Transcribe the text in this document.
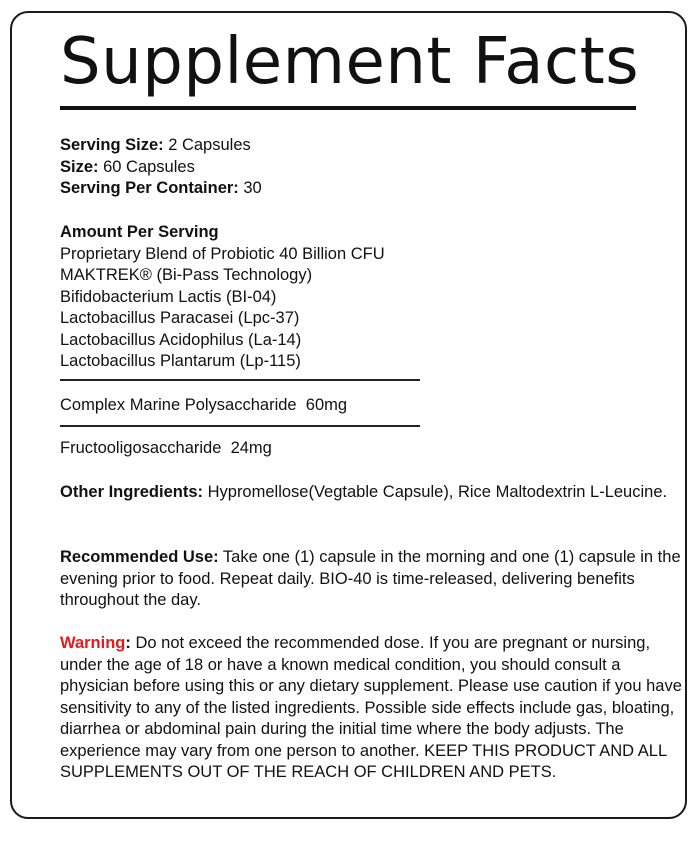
Supplement Facts
Serving Size: 2 Capsules
Size: 60 Capsules
Serving Per Container: 30
Amount Per Serving
Proprietary Blend of Probiotic 40 Billion CFU
MAKTREK® (Bi-Pass Technology)
Bifidobacterium Lactis (BI-04)
Lactobacillus Paracasei (Lpc-37)
Lactobacillus Acidophilus (La-14)
Lactobacillus Plantarum (Lp-115)
Complex Marine Polysaccharide  60mg
Fructooligosaccharide  24mg
Other Ingredients: Hypromellose(Vegtable Capsule), Rice Maltodextrin L-Leucine.
Recommended Use: Take one (1) capsule in the morning and one (1) capsule in the evening prior to food. Repeat daily. BIO-40 is time-released, delivering benefits throughout the day.
Warning: Do not exceed the recommended dose. If you are pregnant or nursing, under the age of 18 or have a known medical condition, you should consult a physician before using this or any dietary supplement. Please use caution if you have sensitivity to any of the listed ingredients. Possible side effects include gas, bloating, diarrhea or abdominal pain during the initial time where the body adjusts. The experience may vary from one person to another. KEEP THIS PRODUCT AND ALL SUPPLEMENTS OUT OF THE REACH OF CHILDREN AND PETS.
